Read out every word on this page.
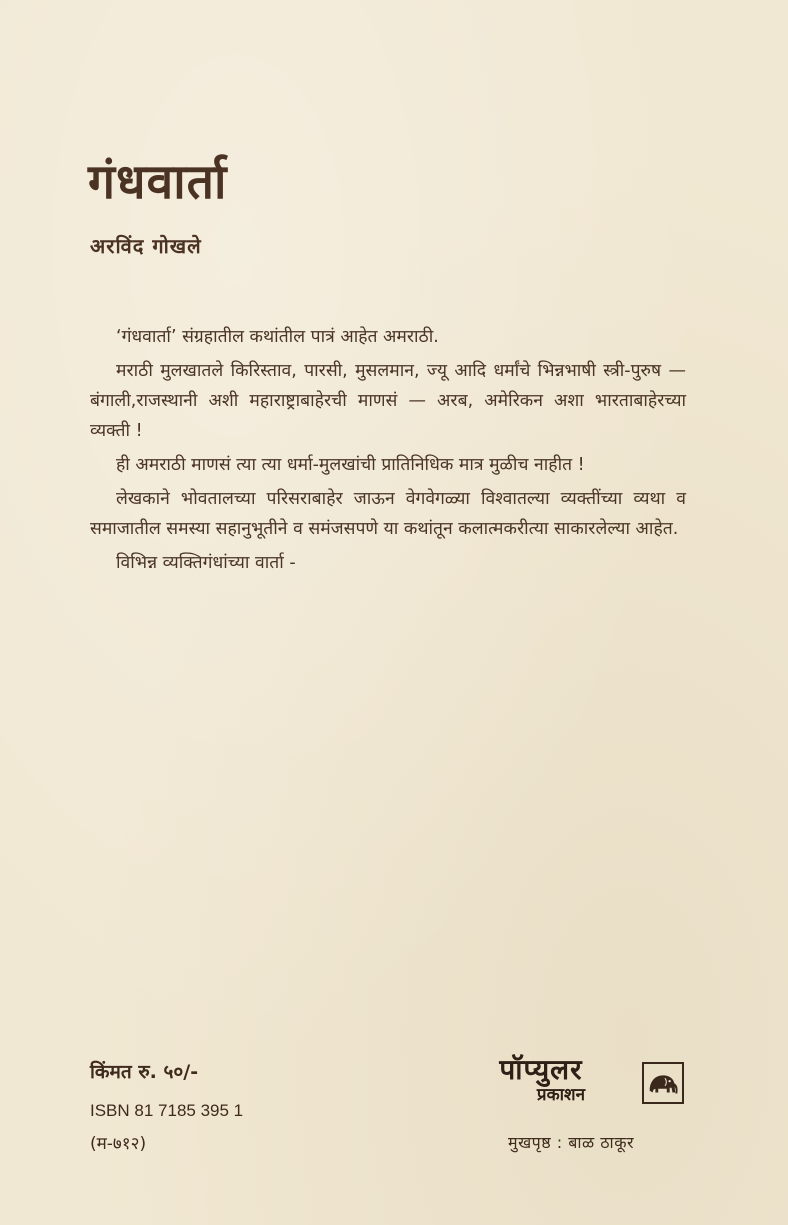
गंधवार्ता
अरविंद गोखले

‘गंधवार्ता’ संग्रहातील कथांतील पात्रं आहेत अमराठी.

मराठी मुलखातले किरिस्ताव, पारसी, मुसलमान, ज्यू आदि धर्मांचे भिन्नभाषी स्त्री-पुरुष — बंगाली,राजस्थानी अशी महाराष्ट्राबाहेरची माणसं — अरब, अमेरिकन अशा भारताबाहेरच्या व्यक्ती !

ही अमराठी माणसं त्या त्या धर्मा-मुलखांची प्रातिनिधिक मात्र मुळीच नाहीत !

लेखकाने भोवतालच्या परिसराबाहेर जाऊन वेगवेगळ्या विश्वातल्या व्यक्तींच्या व्यथा व समाजातील समस्या सहानुभूतीने व समंजसपणे या कथांतून कलात्मकरीत्या साकारलेल्या आहेत.

विभिन्न व्यक्तिगंधांच्या वार्ता -

किंमत रु. ५०/-
ISBN 81 7185 395 1
(म-७१२)
पॉप्युलर
प्रकाशन
मुखपृष्ठ : बाळ ठाकूर
